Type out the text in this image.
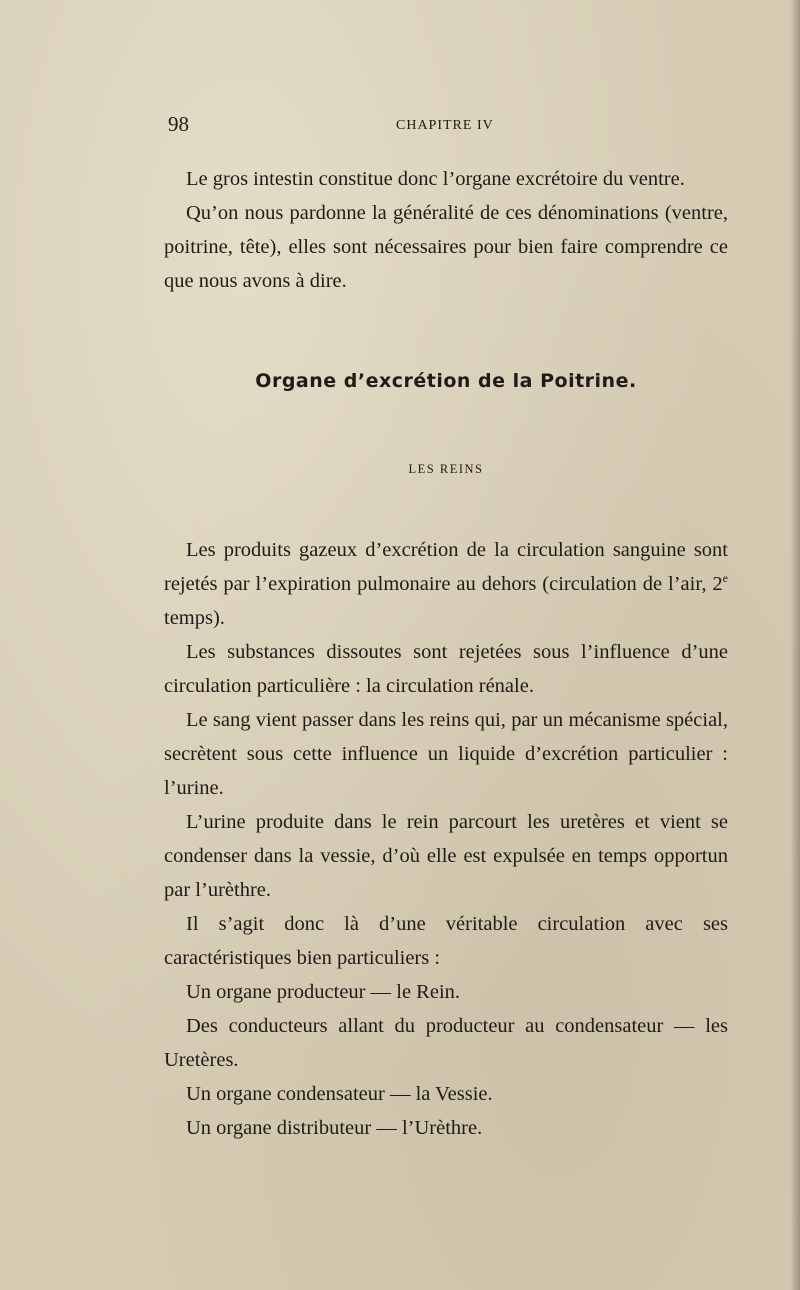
98	CHAPITRE IV

Le gros intestin constitue donc l’organe excrétoire du ventre.

Qu’on nous pardonne la généralité de ces dénominations (ventre, poitrine, tête), elles sont nécessaires pour bien faire comprendre ce que nous avons à dire.

Organe d’excrétion de la Poitrine.
LES REINS

Les produits gazeux d’excrétion de la circulation sanguine sont rejetés par l’expiration pulmonaire au dehors (circulation de l’air, 2e temps).

Les substances dissoutes sont rejetées sous l’influence d’une circulation particulière : la circulation rénale.

Le sang vient passer dans les reins qui, par un mécanisme spécial, secrètent sous cette influence un liquide d’excrétion particulier : l’urine.

L’urine produite dans le rein parcourt les uretères et vient se condenser dans la vessie, d’où elle est expulsée en temps opportun par l’urèthre.

Il s’agit donc là d’une véritable circulation avec ses caractéristiques bien particuliers :

Un organe producteur — le Rein.

Des conducteurs allant du producteur au condensateur — les Uretères.

Un organe condensateur — la Vessie.

Un organe distributeur — l’Urèthre.
